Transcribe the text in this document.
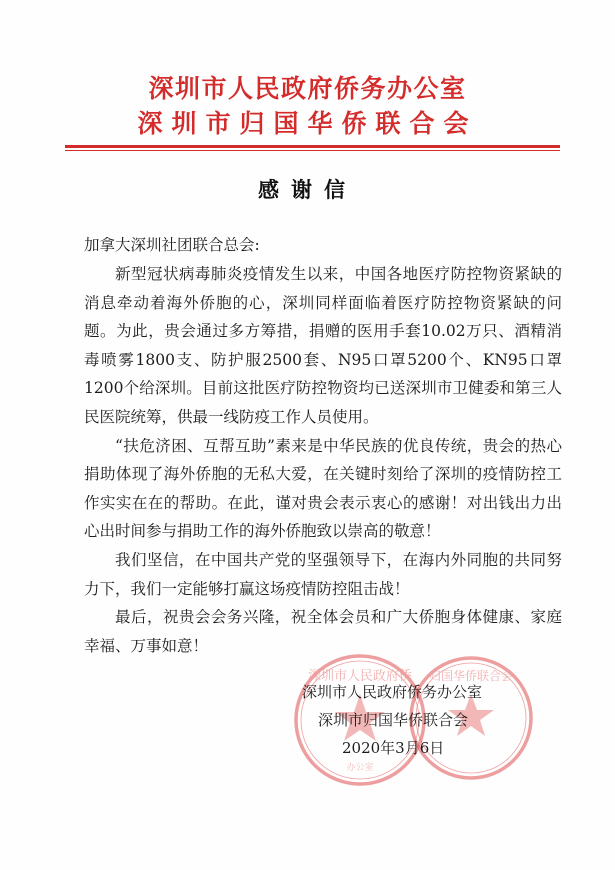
深圳市人民政府侨务办公室
深圳市归国华侨联合会
感谢信
加拿大深圳社团联合总会:

新型冠状病毒肺炎疫情发生以来，中国各地医疗防控物资紧缺的消息牵动着海外侨胞的心，深圳同样面临着医疗防控物资紧缺的问题。为此，贵会通过多方筹措，捐赠的医用手套10.02万只、酒精消毒喷雾1800支、防护服2500套、N95口罩5200个、KN95口罩1200个给深圳。目前这批医疗防控物资均已送深圳市卫健委和第三人民医院统筹，供最一线防疫工作人员使用。

“扶危济困、互帮互助”素来是中华民族的优良传统，贵会的热心捐助体现了海外侨胞的无私大爱，在关键时刻给了深圳的疫情防控工作实实在在的帮助。在此，谨对贵会表示衷心的感谢！对出钱出力出心出时间参与捐助工作的海外侨胞致以崇高的敬意！

我们坚信，在中国共产党的坚强领导下，在海内外同胞的共同努力下，我们一定能够打赢这场疫情防控阻击战！

最后，祝贵会会务兴隆，祝全体会员和广大侨胞身体健康、家庭幸福、万事如意！

深圳市人民政府侨
办公室
归国华侨联合会
深圳市人民政府侨务办公室
深圳市归国华侨联合会
2020年3月6日
